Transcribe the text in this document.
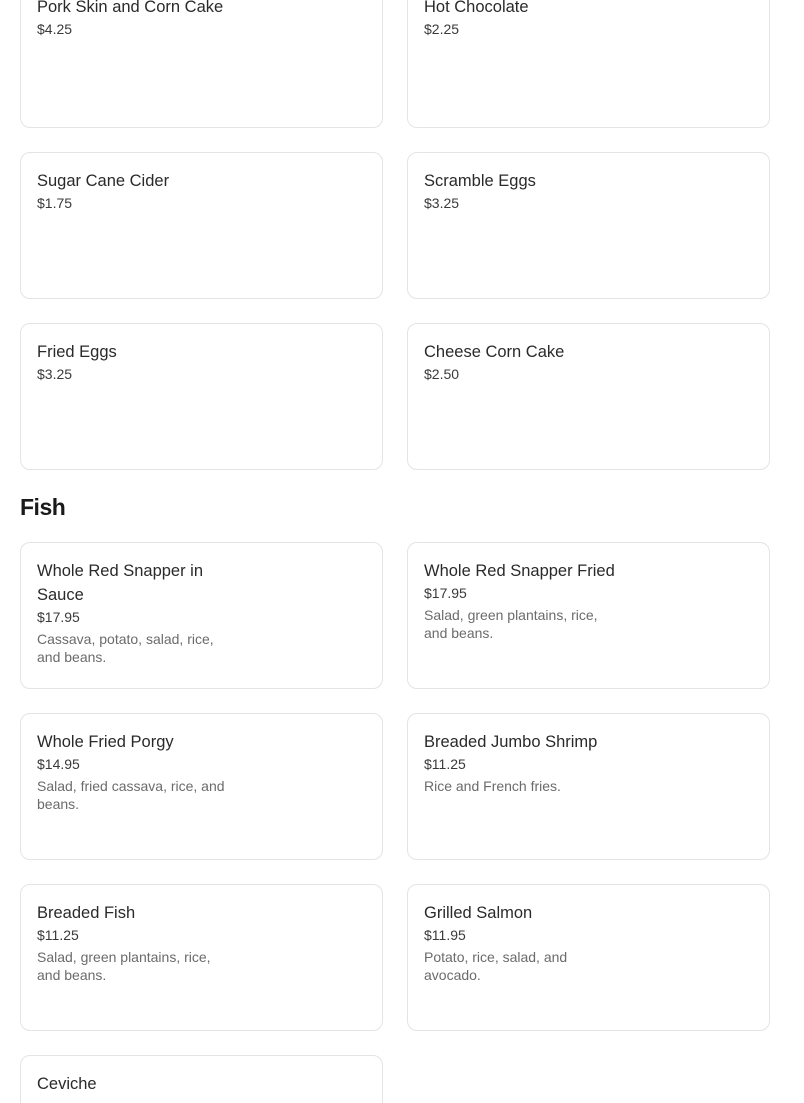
Pork Skin and Corn Cake
$4.25
Hot Chocolate
$2.25
Sugar Cane Cider
$1.75
Scramble Eggs
$3.25
Fried Eggs
$3.25
Cheese Corn Cake
$2.50
Fish
Whole Red Snapper in Sauce
$17.95
Cassava, potato, salad, rice, and beans.
Whole Red Snapper Fried
$17.95
Salad, green plantains, rice, and beans.
Whole Fried Porgy
$14.95
Salad, fried cassava, rice, and beans.
Breaded Jumbo Shrimp
$11.25
Rice and French fries.
Breaded Fish
$11.25
Salad, green plantains, rice, and beans.
Grilled Salmon
$11.95
Potato, rice, salad, and avocado.
Ceviche
